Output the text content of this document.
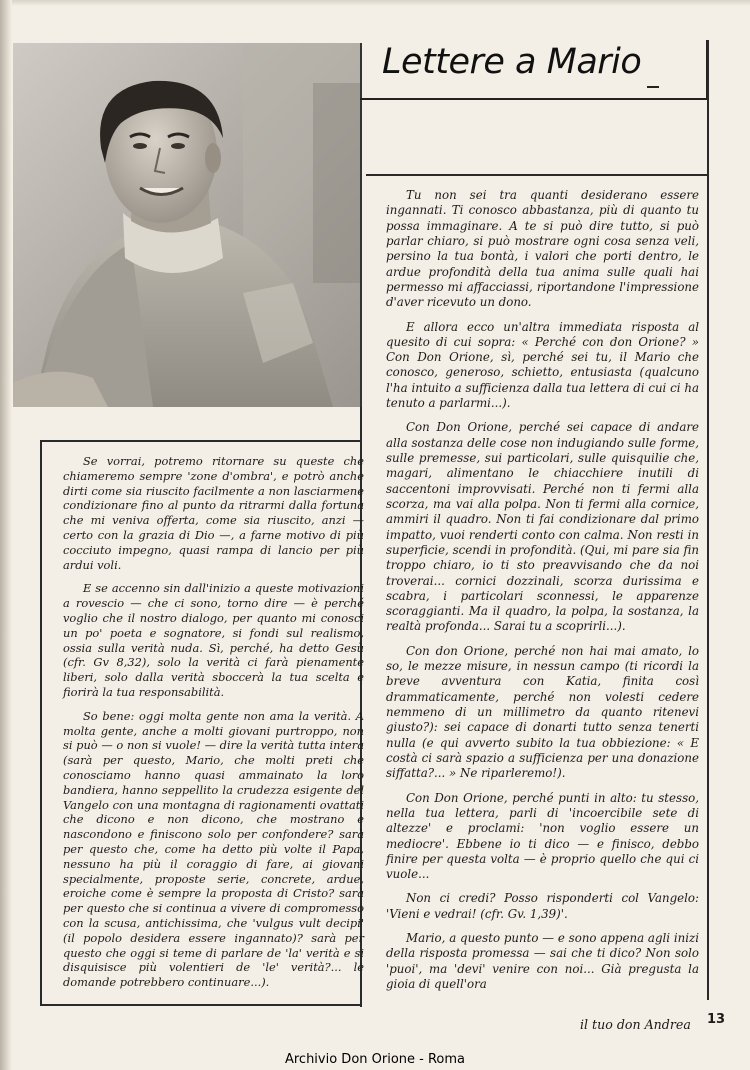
Lettere a Mario

Se vorrai, potremo ritornare su queste che chiameremo sempre 'zone d'ombra', e potrò anche dirti come sia riuscito facilmente a non lasciarmene condizionare fino al punto da ritrarmi dalla fortuna che mi veniva offerta, come sia riuscito, anzi — certo con la grazia di Dio —, a farne motivo di più cocciuto impegno, quasi rampa di lancio per più ardui voli.

E se accenno sin dall'inizio a queste motivazioni a rovescio — che ci sono, torno dire — è perché voglio che il nostro dialogo, per quanto mi conosci un po' poeta e sognatore, si fondi sul realismo, ossia sulla verità nuda. Sì, perché, ha detto Gesù (cfr. Gv 8,32), solo la verità ci farà pienamente liberi, solo dalla verità sboccerà la tua scelta e fiorirà la tua responsabilità.

So bene: oggi molta gente non ama la verità. A molta gente, anche a molti giovani purtroppo, non si può — o non si vuole! — dire la verità tutta intera (sarà per questo, Mario, che molti preti che conosciamo hanno quasi ammainato la loro bandiera, hanno seppellito la crudezza esigente del Vangelo con una montagna di ragionamenti ovattati che dicono e non dicono, che mostrano e nascondono e finiscono solo per confondere? sarà per questo che, come ha detto più volte il Papa, nessuno ha più il coraggio di fare, ai giovani specialmente, proposte serie, concrete, ardue, eroiche come è sempre la proposta di Cristo? sarà per questo che si continua a vivere di compromesso con la scusa, antichissima, che 'vulgus vult decipi' (il popolo desidera essere ingannato)? sarà per questo che oggi si teme di parlare de 'la' verità e si disquisisce più volentieri de 'le' verità?... le domande potrebbero continuare...).

Tu non sei tra quanti desiderano essere ingannati. Ti conosco abbastanza, più di quanto tu possa immaginare. A te si può dire tutto, si può parlar chiaro, si può mostrare ogni cosa senza veli, persino la tua bontà, i valori che porti dentro, le ardue profondità della tua anima sulle quali hai permesso mi affacciassi, riportandone l'impressione d'aver ricevuto un dono.

E allora ecco un'altra immediata risposta al quesito di cui sopra: « Perché con don Orione? » Con Don Orione, sì, perché sei tu, il Mario che conosco, generoso, schietto, entusiasta (qualcuno l'ha intuito a sufficienza dalla tua lettera di cui ci ha tenuto a parlarmi...).

Con Don Orione, perché sei capace di andare alla sostanza delle cose non indugiando sulle forme, sulle premesse, sui particolari, sulle quisquilie che, magari, alimentano le chiacchiere inutili di saccentoni improvvisati. Perché non ti fermi alla scorza, ma vai alla polpa. Non ti fermi alla cornice, ammiri il quadro. Non ti fai condizionare dal primo impatto, vuoi renderti conto con calma. Non resti in superficie, scendi in profondità. (Qui, mi pare sia fin troppo chiaro, io ti sto preavvisando che da noi troverai... cornici dozzinali, scorza durissima e scabra, i particolari sconnessi, le apparenze scoraggianti. Ma il quadro, la polpa, la sostanza, la realtà profonda... Sarai tu a scoprirli...).

Con don Orione, perché non hai mai amato, lo so, le mezze misure, in nessun campo (ti ricordi la breve avventura con Katia, finita così drammaticamente, perché non volesti cedere nemmeno di un millimetro da quanto ritenevi giusto?): sei capace di donarti tutto senza tenerti nulla (e qui avverto subito la tua obbiezione: « E costà ci sarà spazio a sufficienza per una donazione siffatta?... » Ne riparleremo!).

Con Don Orione, perché punti in alto: tu stesso, nella tua lettera, parli di 'incoercibile sete di altezze' e proclami: 'non voglio essere un mediocre'. Ebbene io ti dico — e finisco, debbo finire per questa volta — è proprio quello che qui ci vuole...

Non ci credi? Posso risponderti col Vangelo: 'Vieni e vedrai! (cfr. Gv. 1,39)'.

Mario, a questo punto — e sono appena agli inizi della risposta promessa — sai che ti dico? Non solo 'puoi', ma 'devi' venire con noi... Già pregusta la gioia di quell'ora

il tuo don Andrea 13
Archivio Don Orione - Roma
